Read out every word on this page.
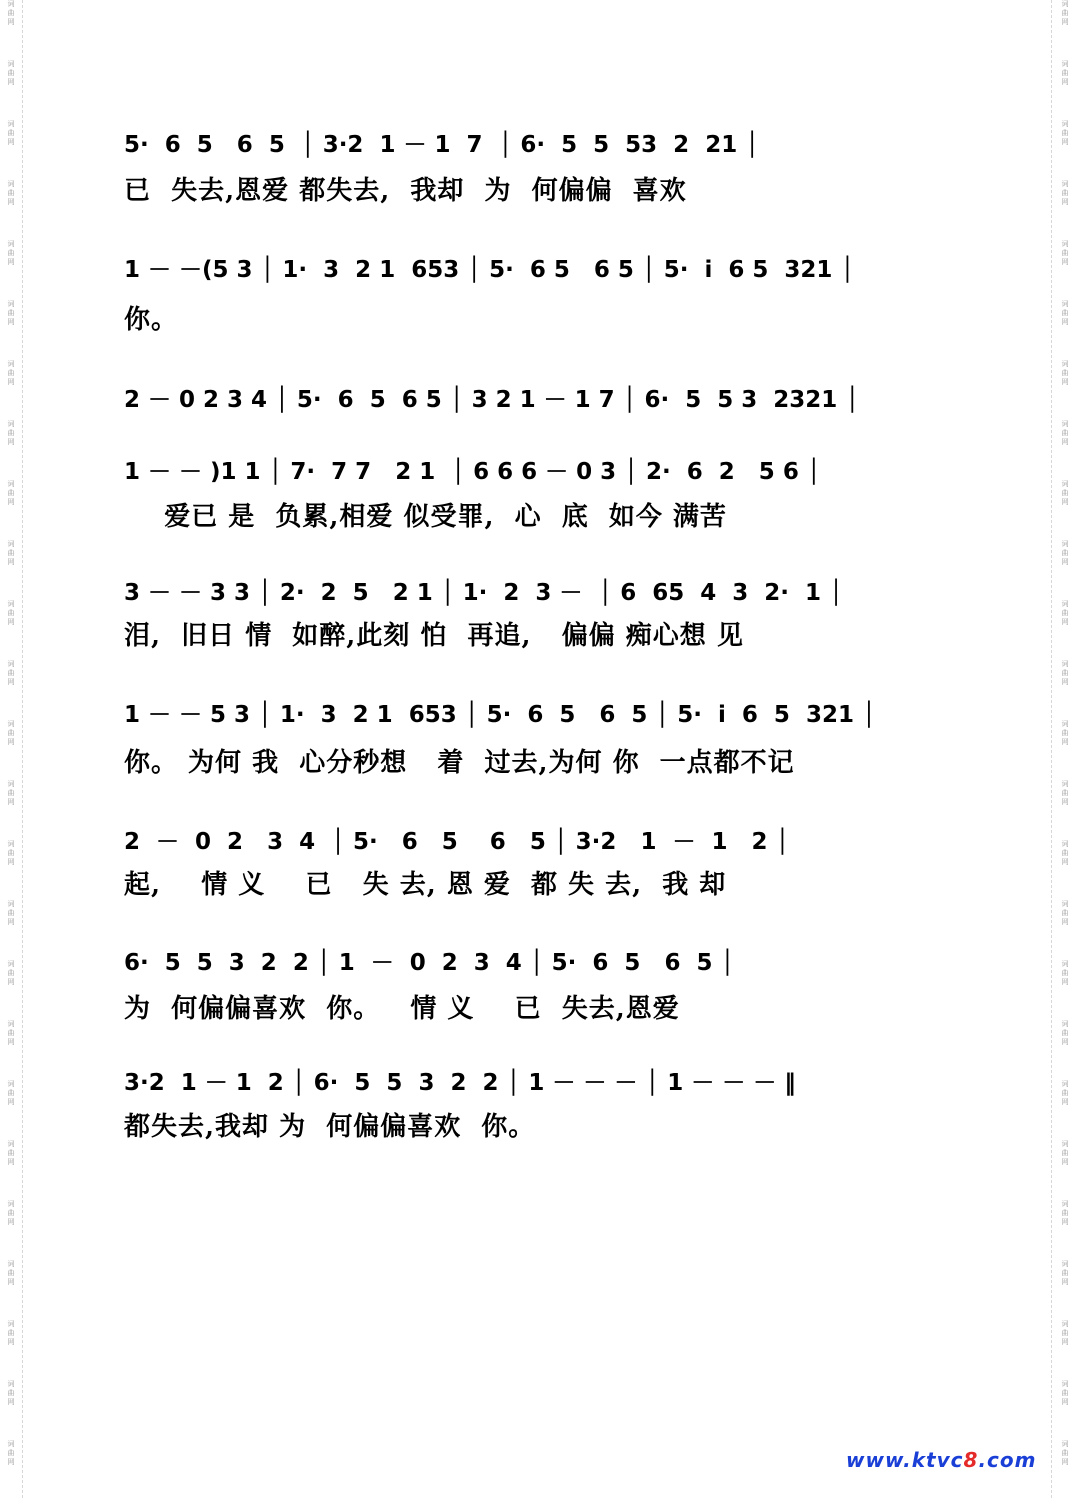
词
曲
网
词
曲
网
词
曲
网
词
曲
网
词
曲
网
词
曲
网
词
曲
网
词
曲
网
词
曲
网
词
曲
网
词
曲
网
词
曲
网
词
曲
网
词
曲
网
词
曲
网
词
曲
网
词
曲
网
词
曲
网
词
曲
网
词
曲
网
词
曲
网
词
曲
网
词
曲
网
词
曲
网
词
曲
网
词
曲
网
词
曲
网
词
曲
网
词
曲
网
词
曲
网
词
曲
网
词
曲
网
词
曲
网
词
曲
网
词
曲
网
词
曲
网
词
曲
网
词
曲
网
词
曲
网
词
曲
网
词
曲
网
词
曲
网
词
曲
网
词
曲
网
词
曲
网
词
曲
网
词
曲
网
词
曲
网
词
曲
网
词
曲
网
5·  6  5   6  5  │ 3·2  1 － 1  7  │ 6·  5  5  53  2  21 │
已  失去,恩爱 都失去,  我却  为  何偏偏  喜欢
1 － －(5 3 │ 1·  3  2 1  653 │ 5·  6 5   6 5 │ 5·  i  6 5  321 │
你。
2 － 0 2 3 4 │ 5·  6  5  6 5 │ 3 2 1 － 1 7 │ 6·  5  5 3  2321 │
1 － － )1 1 │ 7·  7 7   2 1  │ 6 6 6 － 0 3 │ 2·  6  2   5 6 │
爱已 是  负累,相爱 似受罪,  心  底  如今 满苦
3 － － 3 3 │ 2·  2  5   2 1 │ 1·  2  3 －  │ 6  65  4  3  2·  1 │
泪,  旧日 情  如醉,此刻 怕  再追,   偏偏 痴心想 见
1 － － 5 3 │ 1·  3  2 1  653 │ 5·  6  5   6  5 │ 5·  i  6  5  321 │
你。 为何 我  心分秒想   着  过去,为何 你  一点都不记
2  －  0  2   3  4  │ 5·   6   5    6   5 │ 3·2   1  －  1   2 │
起,    情 义    已   失 去, 恩 爱  都 失 去,  我 却
6·  5  5  3  2  2 │ 1  －  0  2  3  4 │ 5·  6  5   6  5 │
为  何偏偏喜欢  你。   情 义    已  失去,恩爱
3·2  1 － 1  2 │ 6·  5  5  3  2  2 │ 1 － － － │ 1 － － － ‖
都失去,我却 为  何偏偏喜欢  你。
www.ktvc8.com
